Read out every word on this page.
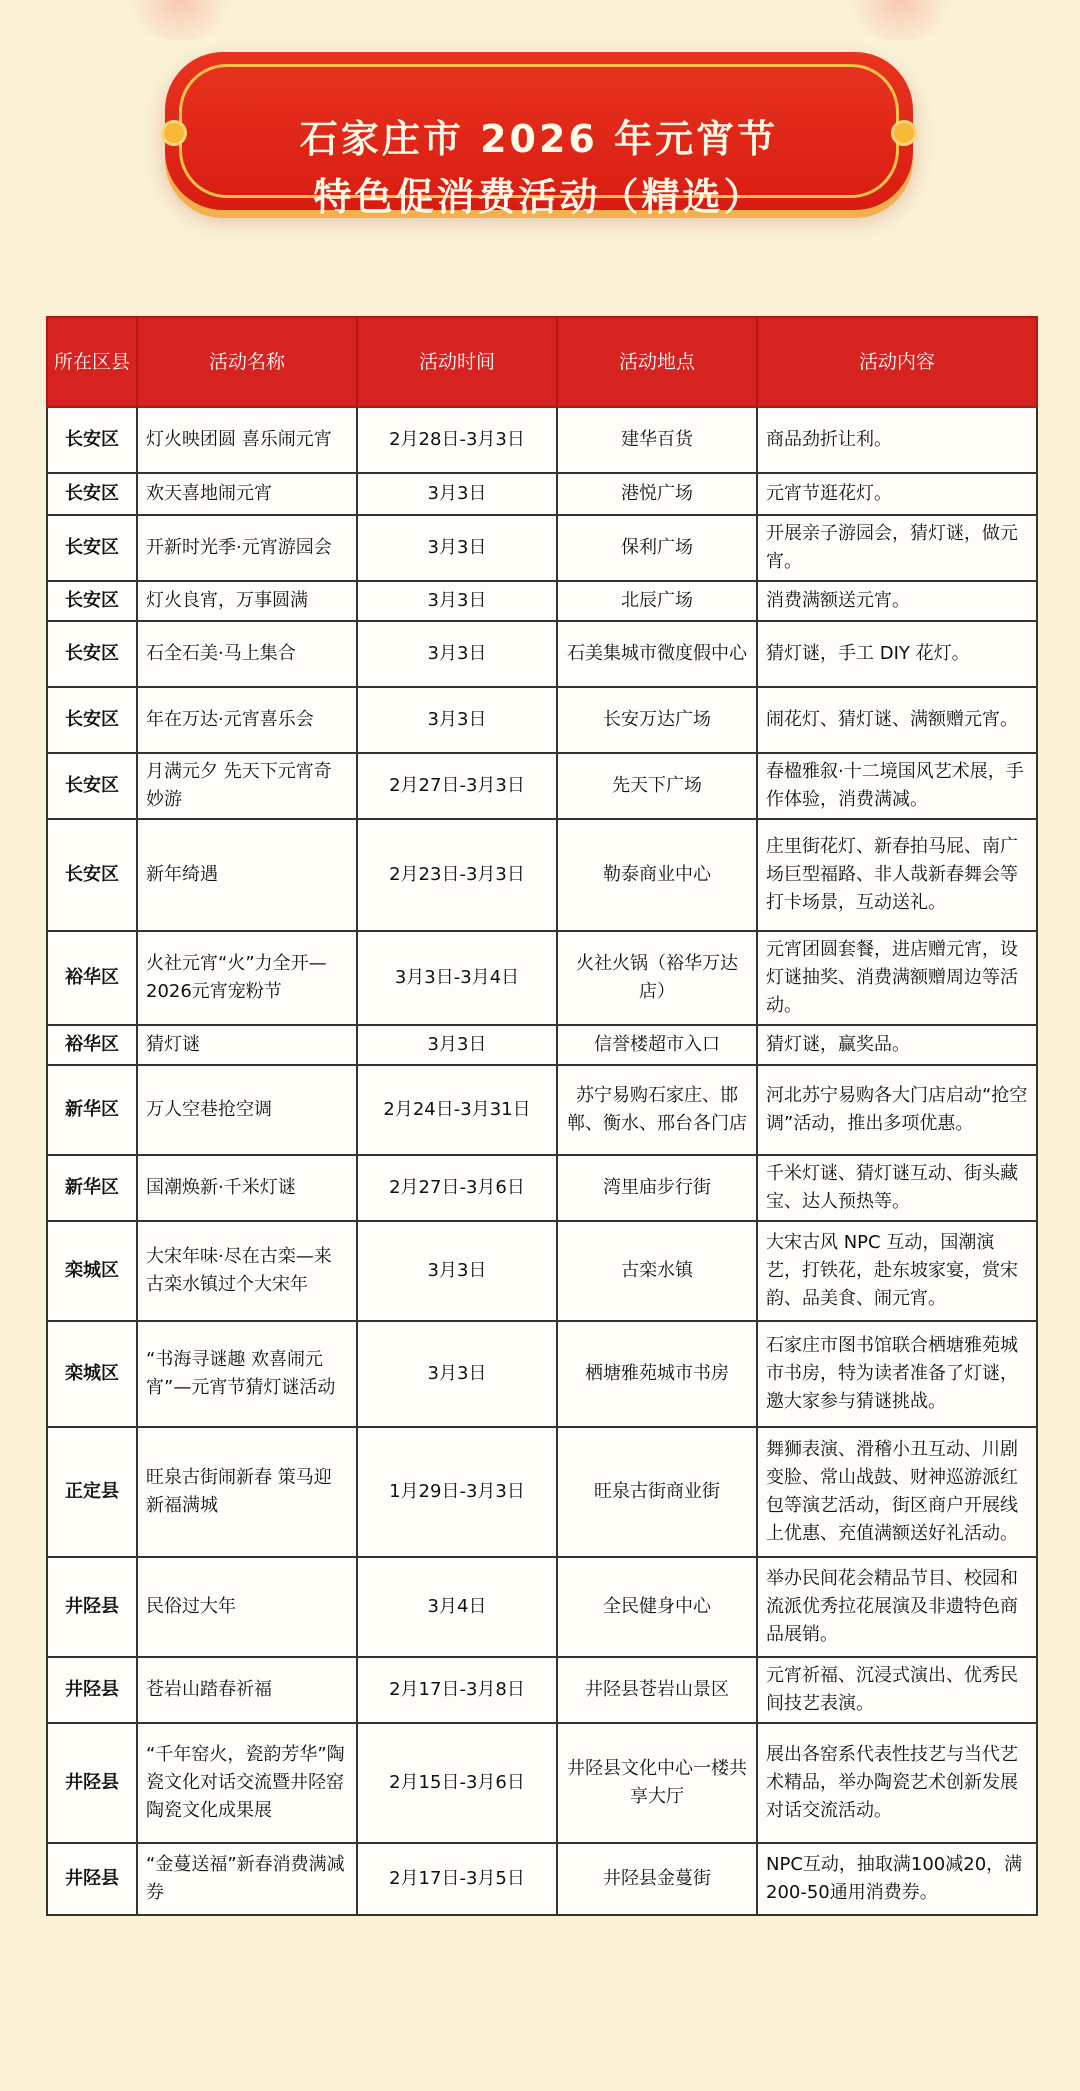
石家庄市 2026 年元宵节
特色促消费活动（精选）
所在区县	活动名称	活动时间	活动地点	活动内容
长安区	灯火映团圆 喜乐闹元宵	2月28日-3月3日	建华百货	商品劲折让利。
长安区	欢天喜地闹元宵	3月3日	港悦广场	元宵节逛花灯。
长安区	开新时光季·元宵游园会	3月3日	保利广场	开展亲子游园会，猜灯谜，做元宵。
长安区	灯火良宵，万事圆满	3月3日	北辰广场	消费满额送元宵。
长安区	石全石美·马上集合	3月3日	石美集城市微度假中心	猜灯谜，手工 DIY 花灯。
长安区	年在万达·元宵喜乐会	3月3日	长安万达广场	闹花灯、猜灯谜、满额赠元宵。
长安区	月满元夕 先天下元宵奇妙游	2月27日-3月3日	先天下广场	春楹雅叙·十二境国风艺术展，手作体验，消费满减。
长安区	新年绮遇	2月23日-3月3日	勒泰商业中心	庄里街花灯、新春拍马屁、南广场巨型福路、非人哉新春舞会等打卡场景，互动送礼。
裕华区	火社元宵“火”力全开—2026元宵宠粉节	3月3日-3月4日	火社火锅（裕华万达店）	元宵团圆套餐，进店赠元宵，设灯谜抽奖、消费满额赠周边等活动。
裕华区	猜灯谜	3月3日	信誉楼超市入口	猜灯谜，赢奖品。
新华区	万人空巷抢空调	2月24日-3月31日	苏宁易购石家庄、邯郸、衡水、邢台各门店	河北苏宁易购各大门店启动“抢空调”活动，推出多项优惠。
新华区	国潮焕新·千米灯谜	2月27日-3月6日	湾里庙步行街	千米灯谜、猜灯谜互动、街头藏宝、达人预热等。
栾城区	大宋年味·尽在古栾—来古栾水镇过个大宋年	3月3日	古栾水镇	大宋古风 NPC 互动，国潮演艺，打铁花，赴东坡家宴，赏宋韵、品美食、闹元宵。
栾城区	“书海寻谜趣 欢喜闹元宵”—元宵节猜灯谜活动	3月3日	栖塘雅苑城市书房	石家庄市图书馆联合栖塘雅苑城市书房，特为读者准备了灯谜，邀大家参与猜谜挑战。
正定县	旺泉古街闹新春 策马迎新福满城	1月29日-3月3日	旺泉古街商业街	舞狮表演、滑稽小丑互动、川剧变脸、常山战鼓、财神巡游派红包等演艺活动，街区商户开展线上优惠、充值满额送好礼活动。
井陉县	民俗过大年	3月4日	全民健身中心	举办民间花会精品节目、校园和流派优秀拉花展演及非遗特色商品展销。
井陉县	苍岩山踏春祈福	2月17日-3月8日	井陉县苍岩山景区	元宵祈福、沉浸式演出、优秀民间技艺表演。
井陉县	“千年窑火，瓷韵芳华”陶瓷文化对话交流暨井陉窑陶瓷文化成果展	2月15日-3月6日	井陉县文化中心一楼共享大厅	展出各窑系代表性技艺与当代艺术精品，举办陶瓷艺术创新发展对话交流活动。
井陉县	“金蔓送福”新春消费满减券	2月17日-3月5日	井陉县金蔓街	NPC互动，抽取满100减20，满200-50通用消费券。
